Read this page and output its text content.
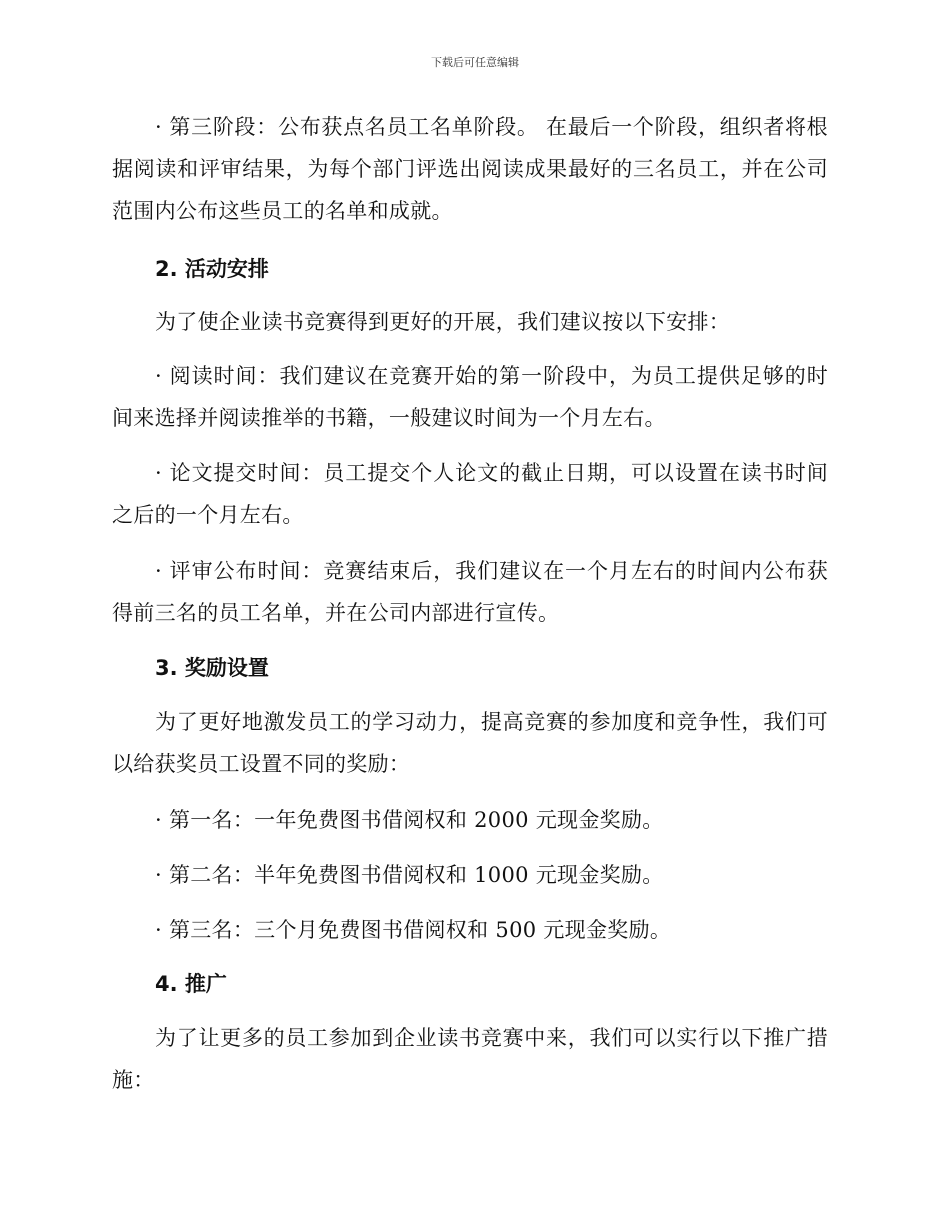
下载后可任意编辑

· 第三阶段：公布获点名员工名单阶段。 在最后一个阶段，组织者将根据阅读和评审结果，为每个部门评选出阅读成果最好的三名员工，并在公司范围内公布这些员工的名单和成就。

2. 活动安排

为了使企业读书竞赛得到更好的开展，我们建议按以下安排：

· 阅读时间：我们建议在竞赛开始的第一阶段中，为员工提供足够的时间来选择并阅读推举的书籍，一般建议时间为一个月左右。

· 论文提交时间：员工提交个人论文的截止日期，可以设置在读书时间之后的一个月左右。

· 评审公布时间：竞赛结束后，我们建议在一个月左右的时间内公布获得前三名的员工名单，并在公司内部进行宣传。

3. 奖励设置

为了更好地激发员工的学习动力，提高竞赛的参加度和竞争性，我们可以给获奖员工设置不同的奖励：

· 第一名：一年免费图书借阅权和 2000 元现金奖励。

· 第二名：半年免费图书借阅权和 1000 元现金奖励。

· 第三名：三个月免费图书借阅权和 500 元现金奖励。

4. 推广

为了让更多的员工参加到企业读书竞赛中来，我们可以实行以下推广措施：
